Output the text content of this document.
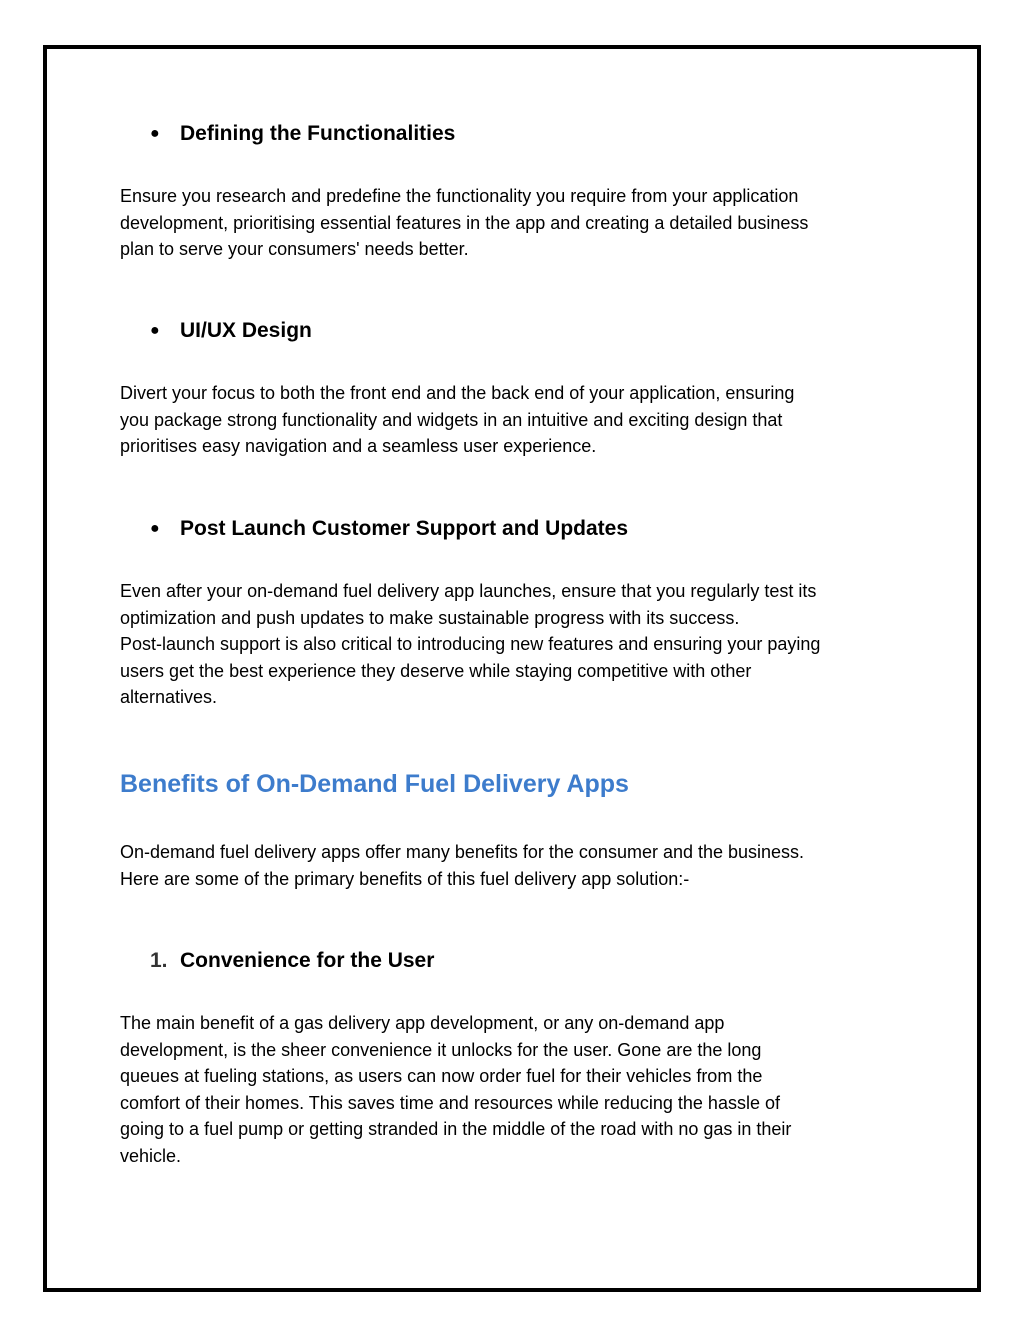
● Defining the Functionalities
Ensure you research and predefine the functionality you require from your application
development, prioritising essential features in the app and creating a detailed business
plan to serve your consumers' needs better.
● UI/UX Design
Divert your focus to both the front end and the back end of your application, ensuring
you package strong functionality and widgets in an intuitive and exciting design that
prioritises easy navigation and a seamless user experience.
● Post Launch Customer Support and Updates
Even after your on-demand fuel delivery app launches, ensure that you regularly test its
optimization and push updates to make sustainable progress with its success.
Post-launch support is also critical to introducing new features and ensuring your paying
users get the best experience they deserve while staying competitive with other
alternatives.
Benefits of On-Demand Fuel Delivery Apps
On-demand fuel delivery apps offer many benefits for the consumer and the business.
Here are some of the primary benefits of this fuel delivery app solution:-
1. Convenience for the User
The main benefit of a gas delivery app development, or any on-demand app
development, is the sheer convenience it unlocks for the user. Gone are the long
queues at fueling stations, as users can now order fuel for their vehicles from the
comfort of their homes. This saves time and resources while reducing the hassle of
going to a fuel pump or getting stranded in the middle of the road with no gas in their
vehicle.
